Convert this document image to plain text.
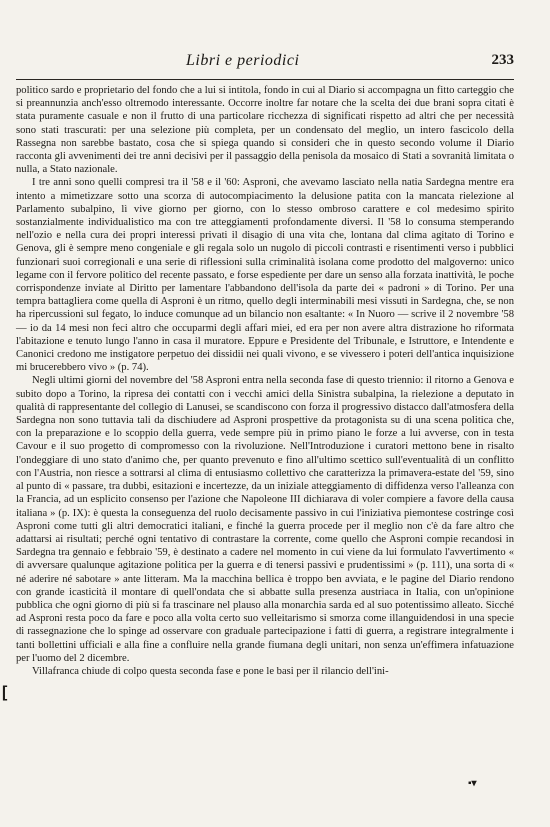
Libri e periodici	233

politico sardo e proprietario del fondo che a lui si intitola, fondo in cui al Diario si accompagna un fitto carteggio che si preannunzia anch'esso oltremodo interessante. Occorre inoltre far notare che la scelta dei due brani sopra citati è stata puramente casuale e non il frutto di una particolare ricchezza di significati rispetto ad altri che per necessità sono stati trascurati: per una selezione più completa, per un condensato del meglio, un intero fascicolo della Rassegna non sarebbe bastato, cosa che si spiega quando si consideri che in questo secondo volume il Diario racconta gli avvenimenti dei tre anni decisivi per il passaggio della penisola da mosaico di Stati a sovranità limitata o nulla, a Stato nazionale.

I tre anni sono quelli compresi tra il '58 e il '60: Asproni, che avevamo lasciato nella natia Sardegna mentre era intento a mimetizzare sotto una scorza di autocompiacimento la delusione patita con la mancata rielezione al Parlamento subalpino, lì vive giorno per giorno, con lo stesso ombroso carattere e col medesimo spirito sostanzialmente individualistico ma con tre atteggiamenti profondamente diversi. Il '58 lo consuma stemperando nell'ozio e nella cura dei propri interessi privati il disagio di una vita che, lontana dal clima agitato di Torino e Genova, gli è sempre meno congeniale e gli regala solo un nugolo di piccoli contrasti e risentimenti verso i pubblici funzionari suoi corregionali e una serie di riflessioni sulla criminalità isolana come prodotto del malgoverno: unico legame con il fervore politico del recente passato, e forse espediente per dare un senso alla forzata inattività, le poche corrispondenze inviate al Diritto per lamentare l'abbandono dell'isola da parte dei « padroni » di Torino. Per una tempra battagliera come quella di Asproni è un ritmo, quello degli interminabili mesi vissuti in Sardegna, che, se non ha ripercussioni sul fegato, lo induce comunque ad un bilancio non esaltante: « In Nuoro — scrive il 2 novembre '58 — io da 14 mesi non feci altro che occuparmi degli affari miei, ed era per non avere altra distrazione ho riformata l'abitazione e tenuto lungo l'anno in casa il muratore. Eppure e Presidente del Tribunale, e Istruttore, e Intendente e Canonici credono me instigatore perpetuo dei dissidii nei quali vivono, e se vivessero i poteri dell'antica inquisizione mi brucerebbero vivo » (p. 74).

Negli ultimi giorni del novembre del '58 Asproni entra nella seconda fase di questo triennio: il ritorno a Genova e subito dopo a Torino, la ripresa dei contatti con i vecchi amici della Sinistra subalpina, la rielezione a deputato in qualità di rappresentante del collegio di Lanusei, se scandiscono con forza il progressivo distacco dall'atmosfera della Sardegna non sono tuttavia tali da dischiudere ad Asproni prospettive da protagonista su di una scena politica che, con la preparazione e lo scoppio della guerra, vede sempre più in primo piano le forze a lui avverse, con in testa Cavour e il suo progetto di compromesso con la rivoluzione. Nell'Introduzione i curatori mettono bene in risalto l'ondeggiare di uno stato d'animo che, per quanto prevenuto e fino all'ultimo scettico sull'eventualità di un conflitto con l'Austria, non riesce a sottrarsi al clima di entusiasmo collettivo che caratterizza la primavera-estate del '59, sino al punto di « passare, tra dubbi, esitazioni e incertezze, da un iniziale atteggiamento di diffidenza verso l'alleanza con la Francia, ad un esplicito consenso per l'azione che Napoleone III dichiarava di voler compiere a favore della causa italiana » (p. IX): è questa la conseguenza del ruolo decisamente passivo in cui l'iniziativa piemontese costringe così Asproni come tutti gli altri democratici italiani, e finché la guerra procede per il meglio non c'è da fare altro che adattarsi ai risultati; perché ogni tentativo di contrastare la corrente, come quello che Asproni compie recandosi in Sardegna tra gennaio e febbraio '59, è destinato a cadere nel momento in cui viene da lui formulato l'avvertimento « di avversare qualunque agitazione politica per la guerra e di tenersi passivi e prudentissimi » (p. 111), una sorta di « né aderire né sabotare » ante litteram. Ma la macchina bellica è troppo ben avviata, e le pagine del Diario rendono con grande icasticità il montare di quell'ondata che si abbatte sulla presenza austriaca in Italia, con un'opinione pubblica che ogni giorno di più si fa trascinare nel plauso alla monarchia sarda ed al suo potentissimo alleato. Sicché ad Asproni resta poco da fare e poco alla volta certo suo velleitarismo si smorza come illanguidendosi in una specie di rassegnazione che lo spinge ad osservare con graduale partecipazione i fatti di guerra, a registrare integralmente i tanti bollettini ufficiali e alla fine a confluire nella grande fiumana degli unitari, non senza un'effimera infatuazione per l'uomo del 2 dicembre.

Villafranca chiude di colpo questa seconda fase e pone le basi per il rilancio dell'ini-

[
▪▾
